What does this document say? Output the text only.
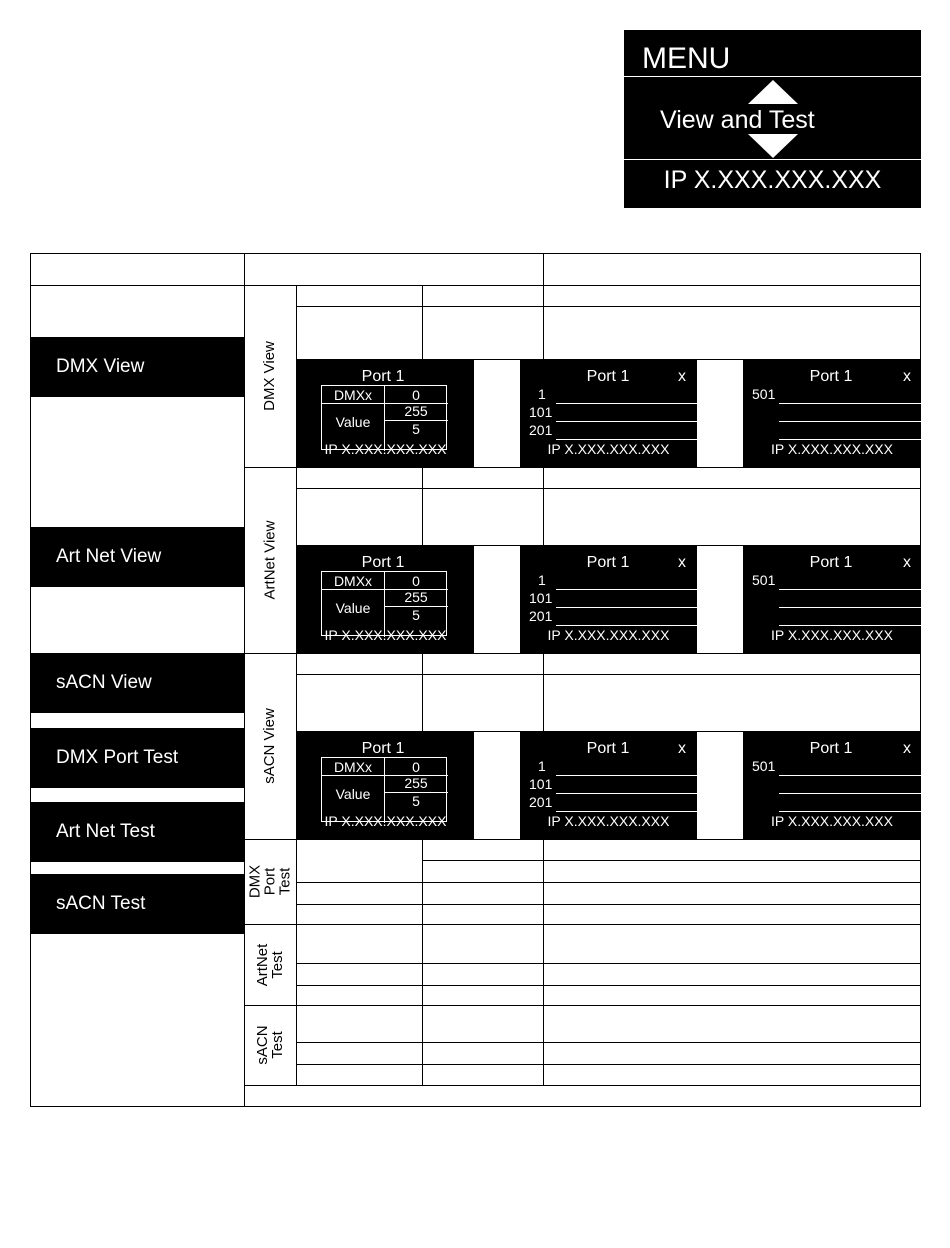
MENU
View and Test
IP X.XXX.XXX.XXX
DMX View
Art Net View
sACN View
DMX Port Test
Art Net Test
sACN Test
DMX View
ArtNet View
sACN View
DMX Port Test
ArtNet Test
sACN Test
Port 1
DMXx	0
Value
255
5
IP X.XXX.XXX.XXX
Port 1	x
1
101
201
IP X.XXX.XXX.XXX
Port 1	x
501
IP X.XXX.XXX.XXX
Port 1
DMXx	0
Value
255
5
IP X.XXX.XXX.XXX
Port 1	x
1
101
201
IP X.XXX.XXX.XXX
Port 1	x
501
IP X.XXX.XXX.XXX
Port 1
DMXx	0
Value
255
5
IP X.XXX.XXX.XXX
Port 1	x
1
101
201
IP X.XXX.XXX.XXX
Port 1	x
501
IP X.XXX.XXX.XXX
